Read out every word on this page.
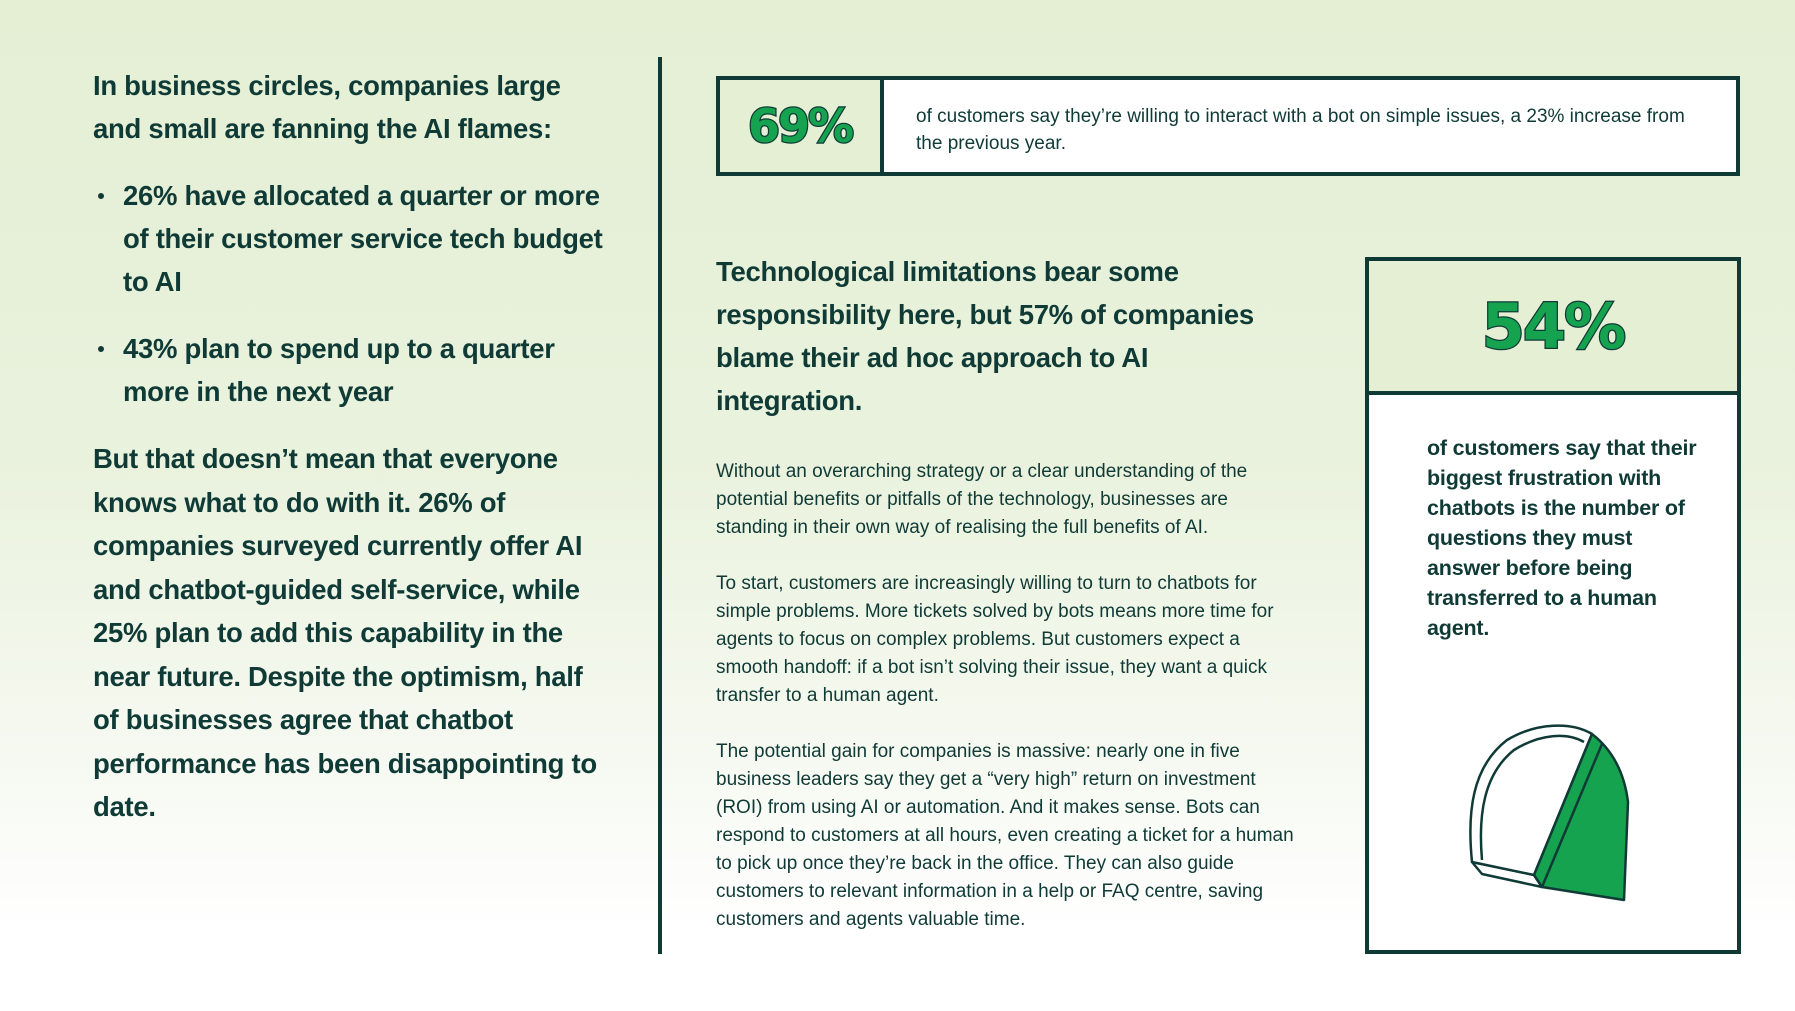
In business circles, companies large and small are fanning the AI flames:

26% have allocated a quarter or more of their customer service tech budget to AI
43% plan to spend up to a quarter more in the next year

But that doesn’t mean that everyone knows what to do with it. 26% of companies surveyed currently offer AI and chatbot-guided self-service, while 25% plan to add this capability in the near future. Despite the optimism, half of businesses agree that chatbot performance has been disappointing to date.

69%	of customers say they’re willing to interact with a bot on simple issues, a 23% increase from the previous year.

Technological limitations bear some responsibility here, but 57% of companies blame their ad hoc approach to AI integration.

Without an overarching strategy or a clear understanding of the potential benefits or pitfalls of the technology, businesses are standing in their own way of realising the full benefits of AI.

To start, customers are increasingly willing to turn to chatbots for simple problems. More tickets solved by bots means more time for agents to focus on complex problems. But customers expect a smooth handoff: if a bot isn’t solving their issue, they want a quick transfer to a human agent.

The potential gain for companies is massive: nearly one in five business leaders say they get a “very high” return on investment (ROI) from using AI or automation. And it makes sense. Bots can respond to customers at all hours, even creating a ticket for a human to pick up once they’re back in the office. They can also guide customers to relevant information in a help or FAQ centre, saving customers and agents valuable time.

54%
of customers say that their biggest frustration with chatbots is the number of questions they must answer before being transferred to a human agent.
